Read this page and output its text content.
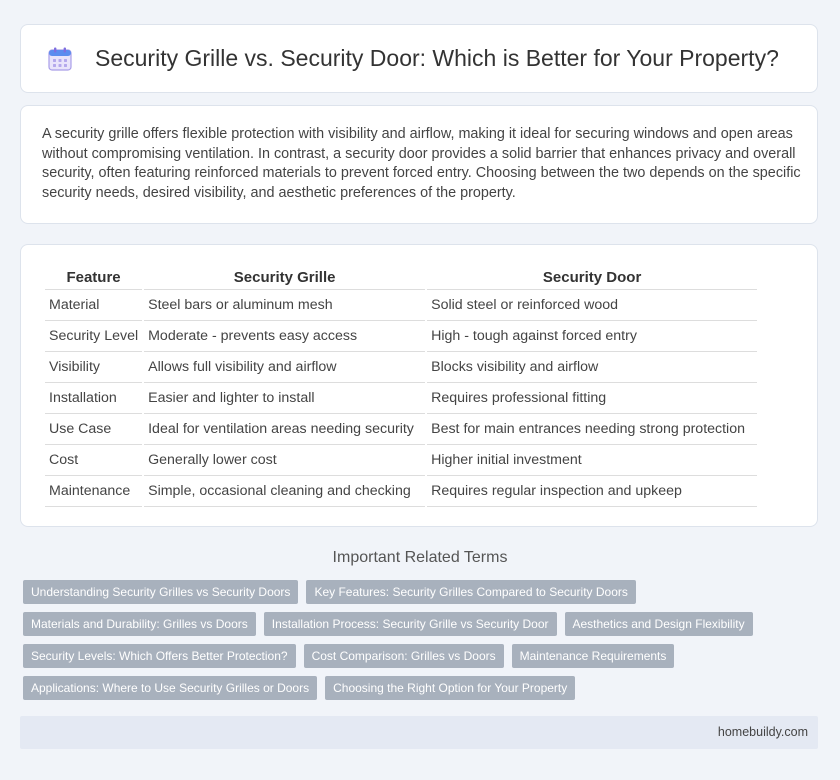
Security Grille vs. Security Door: Which is Better for Your Property?

A security grille offers flexible protection with visibility and airflow, making it ideal for securing windows and open areas without compromising ventilation. In contrast, a security door provides a solid barrier that enhances privacy and overall security, often featuring reinforced materials to prevent forced entry. Choosing between the two depends on the specific security needs, desired visibility, and aesthetic preferences of the property.

Feature	Security Grille	Security Door
Material	Steel bars or aluminum mesh	Solid steel or reinforced wood
Security Level	Moderate - prevents easy access	High - tough against forced entry
Visibility	Allows full visibility and airflow	Blocks visibility and airflow
Installation	Easier and lighter to install	Requires professional fitting
Use Case	Ideal for ventilation areas needing security	Best for main entrances needing strong protection
Cost	Generally lower cost	Higher initial investment
Maintenance	Simple, occasional cleaning and checking	Requires regular inspection and upkeep
Important Related Terms
Understanding Security Grilles vs Security Doors	Key Features: Security Grilles Compared to Security Doors
Materials and Durability: Grilles vs Doors	Installation Process: Security Grille vs Security Door	Aesthetics and Design Flexibility
Security Levels: Which Offers Better Protection?	Cost Comparison: Grilles vs Doors	Maintenance Requirements
Applications: Where to Use Security Grilles or Doors	Choosing the Right Option for Your Property
homebuildy.com
